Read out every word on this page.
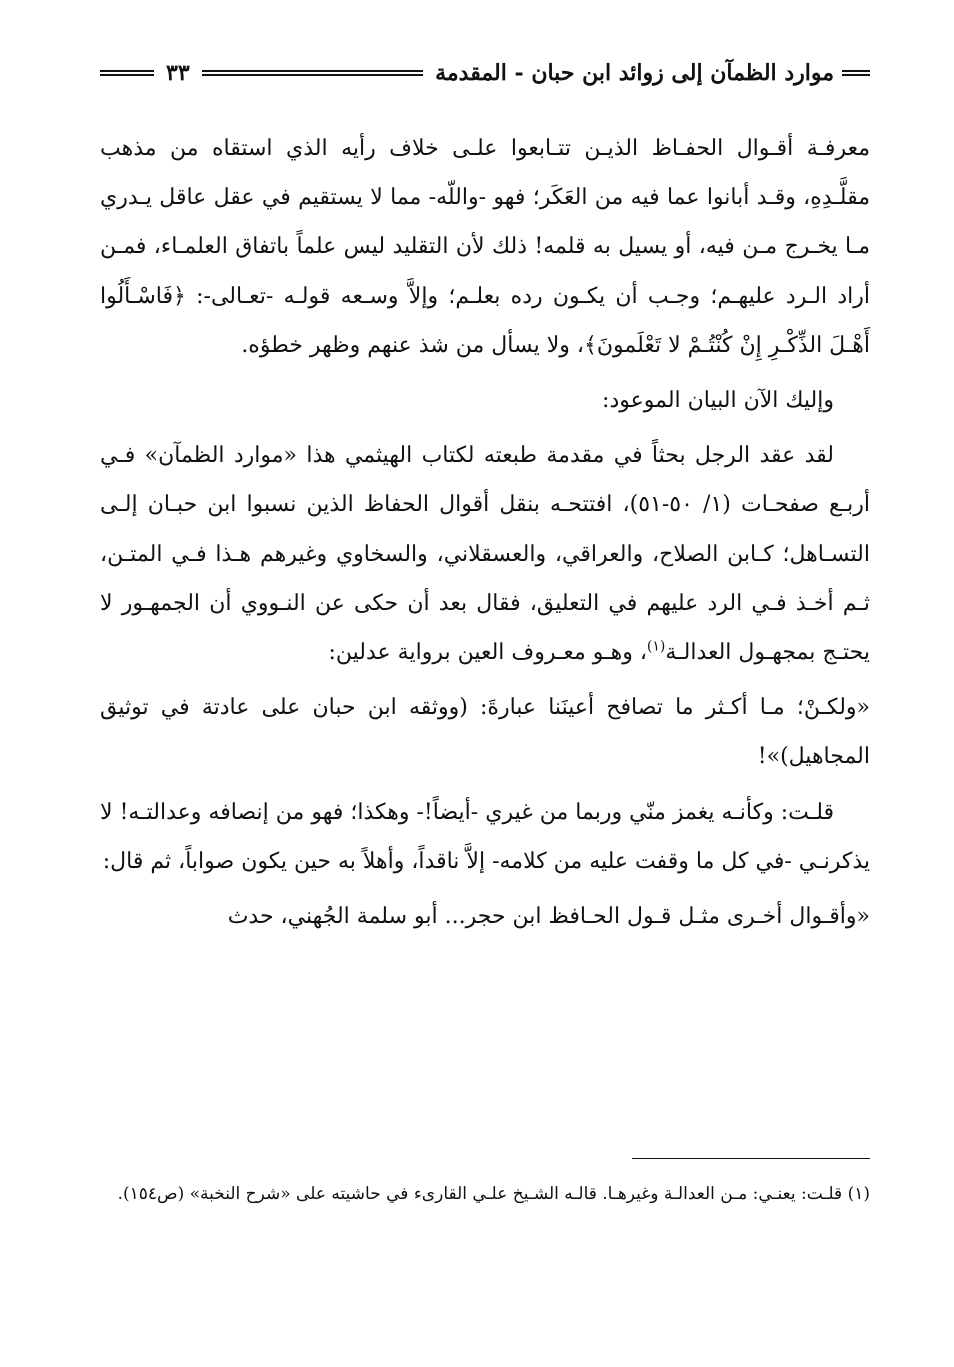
موارد الظمآن إلى زوائد ابن حبان - المقدمة
٣٣

معرفـة أقـوال الحفـاظ الذيـن تتـابعوا علـى خلاف رأيه الذي استقاه من مذهب مقلَّـدِهِ، وقـد أبانوا عما فيه من العَكَر؛ فهو -واللّه- مما لا يستقيم في عقل عاقل يـدري مـا يخـرج مـن فيه، أو يسيل به قلمه! ذلك لأن التقليد ليس علماً باتفاق العلمـاء، فمـن أراد الـرد عليهـم؛ وجـب أن يكـون رده بعلـم؛ وإلاَّ وسـعه قولـه -تعـالى-: ﴿فَاسْـأَلُوا أَهْـلَ الذِّكْـرِ إِنْ كُنْتُـمْ لا تَعْلَمونَ﴾، ولا يسأل من شذ عنهم وظهر خطؤه.

وإليك الآن البيان الموعود:

لقد عقد الرجل بحثاً في مقدمة طبعته لكتاب الهيثمي هذا «موارد الظمآن» فـي أربـع صفحـات (١/ ٥٠-٥١)، افتتحـه بنقل أقوال الحفاظ الذين نسبوا ابن حبـان إلـى التسـاهل؛ كـابن الصلاح، والعراقي، والعسقلاني، والسخاوي وغيرهم هـذا فـي المتـن، ثـم أخـذ فـي الرد عليهم في التعليق، فقال بعد أن حكى عن النـووي أن الجمهـور لا يحتـج بمجهـول العدالـة$^{(١)}$، وهـو معـروف العين برواية عدلين:

«ولكـنْ؛ مـا أكـثر ما تصافح أعينَنا عبارةَ: (ووثقه ابن حبان على عادتة في توثيق المجاهيل)»!

قلـت: وكأنـه يغمز منّي وربما من غيري -أيضاً!- وهكذا؛ فهو من إنصافه وعدالتـه! لا يذكرنـي -في كل ما وقفت عليه من كلامه- إلاَّ ناقداً، وأهلاً به حين يكون صواباً، ثم قال:

«وأقـوال أخـرى مثـل قـول الحـافظ ابن حجر... أبو سلمة الجُهني، حدث

(١) قلـت: يعنـي: مـن العدالـة وغيرهـا. قالـه الشـيخ علـي القارىء في حاشيته على «شرح النخبة» (ص١٥٤).
